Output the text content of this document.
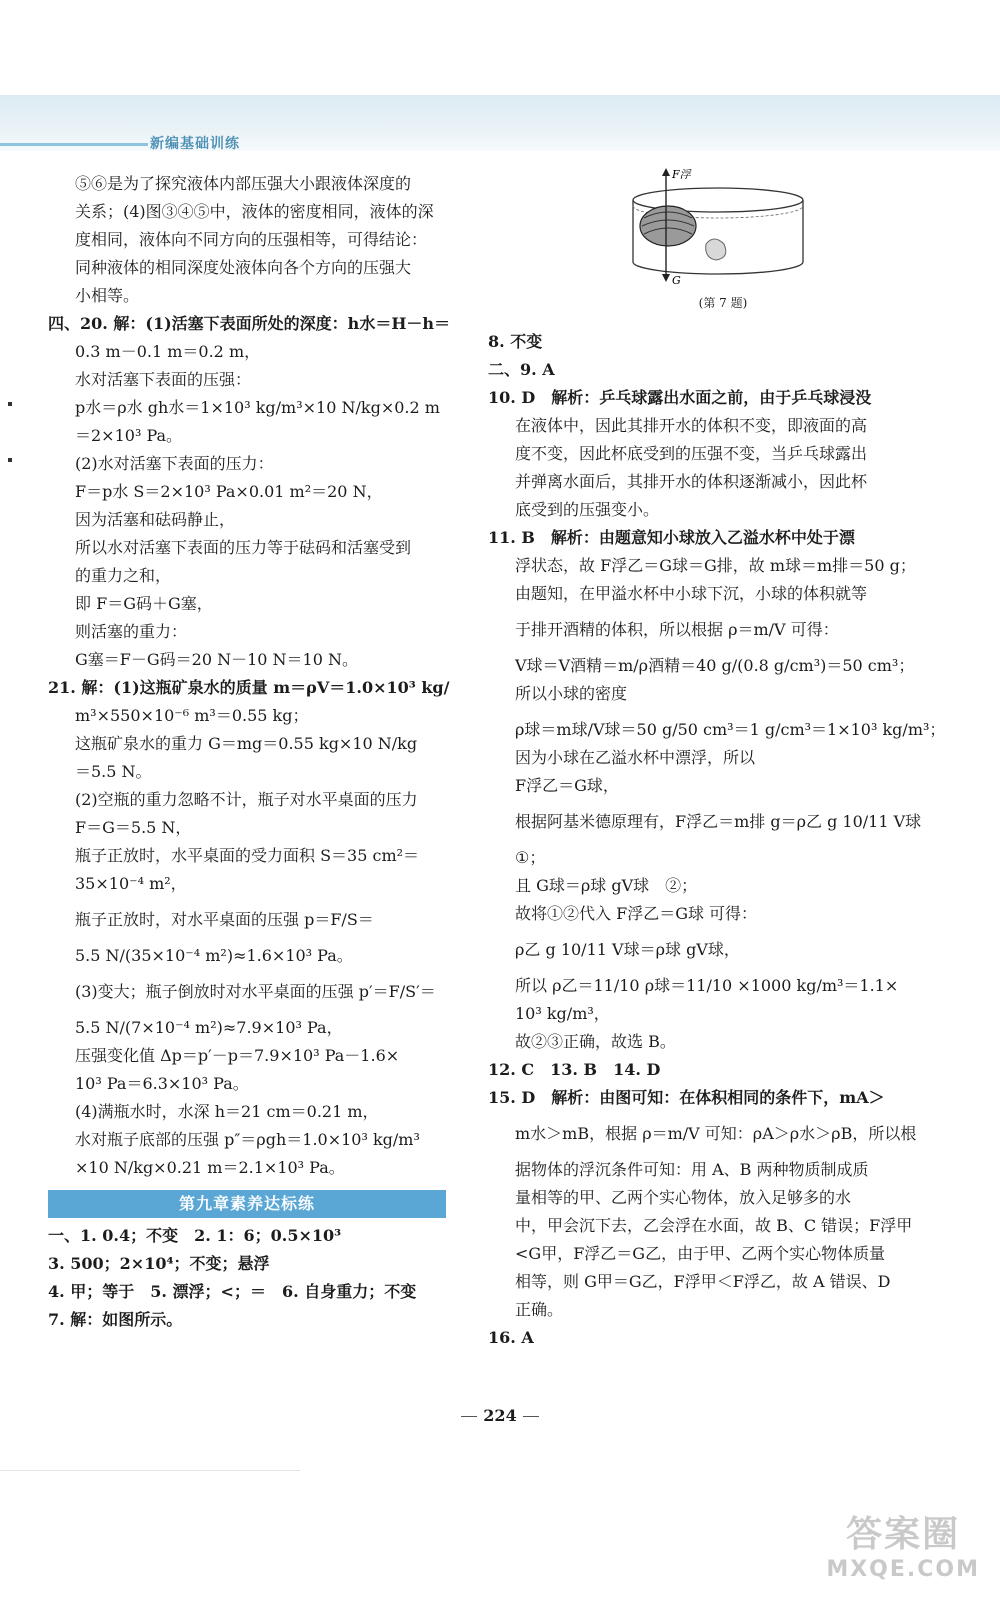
新编基础训练
⑤⑥是为了探究液体内部压强大小跟液体深度的
关系；(4)图③④⑤中，液体的密度相同，液体的深
度相同，液体向不同方向的压强相等，可得结论：
同种液体的相同深度处液体向各个方向的压强大
小相等。
四、20. 解：(1)活塞下表面所处的深度：h水＝H－h＝
0.3 m－0.1 m＝0.2 m，
水对活塞下表面的压强：
p水＝ρ水 gh水＝1×10³ kg/m³×10 N/kg×0.2 m
＝2×10³ Pa。
(2)水对活塞下表面的压力：
F＝p水 S＝2×10³ Pa×0.01 m²＝20 N，
因为活塞和砝码静止，
所以水对活塞下表面的压力等于砝码和活塞受到
的重力之和，
即 F＝G码＋G塞，
则活塞的重力：
G塞＝F－G码＝20 N－10 N＝10 N。
21. 解：(1)这瓶矿泉水的质量 m＝ρV＝1.0×10³ kg/
m³×550×10⁻⁶ m³＝0.55 kg；
这瓶矿泉水的重力 G＝mg＝0.55 kg×10 N/kg
＝5.5 N。
(2)空瓶的重力忽略不计，瓶子对水平桌面的压力
F＝G＝5.5 N，
瓶子正放时，水平桌面的受力面积 S＝35 cm²＝
35×10⁻⁴ m²，
瓶子正放时，对水平桌面的压强 p＝F/S＝
5.5 N/(35×10⁻⁴ m²)≈1.6×10³ Pa。
(3)变大；瓶子倒放时对水平桌面的压强 p′＝F/S′＝
5.5 N/(7×10⁻⁴ m²)≈7.9×10³ Pa，
压强变化值 Δp＝p′－p＝7.9×10³ Pa－1.6×
10³ Pa＝6.3×10³ Pa。
(4)满瓶水时，水深 h＝21 cm＝0.21 m，
水对瓶子底部的压强 p″＝ρgh＝1.0×10³ kg/m³
×10 N/kg×0.21 m＝2.1×10³ Pa。
第九章素养达标练
一、1. 0.4；不变　2. 1：6；0.5×10³
3. 500；2×10⁴；不变；悬浮
4. 甲；等于　5. 漂浮；<；＝　6. 自身重力；不变
7. 解：如图所示。
F浮
G
(第 7 题)
8. 不变
二、9. A
10. D　解析：乒乓球露出水面之前，由于乒乓球浸没
在液体中，因此其排开水的体积不变，即液面的高
度不变，因此杯底受到的压强不变，当乒乓球露出
并弹离水面后，其排开水的体积逐渐减小，因此杯
底受到的压强变小。
11. B　解析：由题意知小球放入乙溢水杯中处于漂
浮状态，故 F浮乙＝G球＝G排，故 m球＝m排＝50 g；
由题知，在甲溢水杯中小球下沉，小球的体积就等
于排开酒精的体积，所以根据 ρ＝m/V 可得：
V球＝V酒精＝m/ρ酒精＝40 g/(0.8 g/cm³)＝50 cm³；
所以小球的密度
ρ球＝m球/V球＝50 g/50 cm³＝1 g/cm³＝1×10³ kg/m³；
因为小球在乙溢水杯中漂浮，所以
F浮乙＝G球，
根据阿基米德原理有，F浮乙＝m排 g＝ρ乙 g 10/11 V球
①；
且 G球＝ρ球 gV球　②；
故将①②代入 F浮乙＝G球 可得：
ρ乙 g 10/11 V球＝ρ球 gV球，
所以 ρ乙＝11/10 ρ球＝11/10 ×1000 kg/m³＝1.1×
10³ kg/m³，
故②③正确，故选 B。
12. C　13. B　14. D
15. D　解析：由图可知：在体积相同的条件下，mA＞
m水＞mB，根据 ρ＝m/V 可知：ρA＞ρ水＞ρB，所以根
据物体的浮沉条件可知：用 A、B 两种物质制成质
量相等的甲、乙两个实心物体，放入足够多的水
中，甲会沉下去，乙会浮在水面，故 B、C 错误；F浮甲
<G甲，F浮乙＝G乙，由于甲、乙两个实心物体质量
相等，则 G甲＝G乙，F浮甲＜F浮乙，故 A 错误、D
正确。
16. A
224
答案圈
MXQE.COM
